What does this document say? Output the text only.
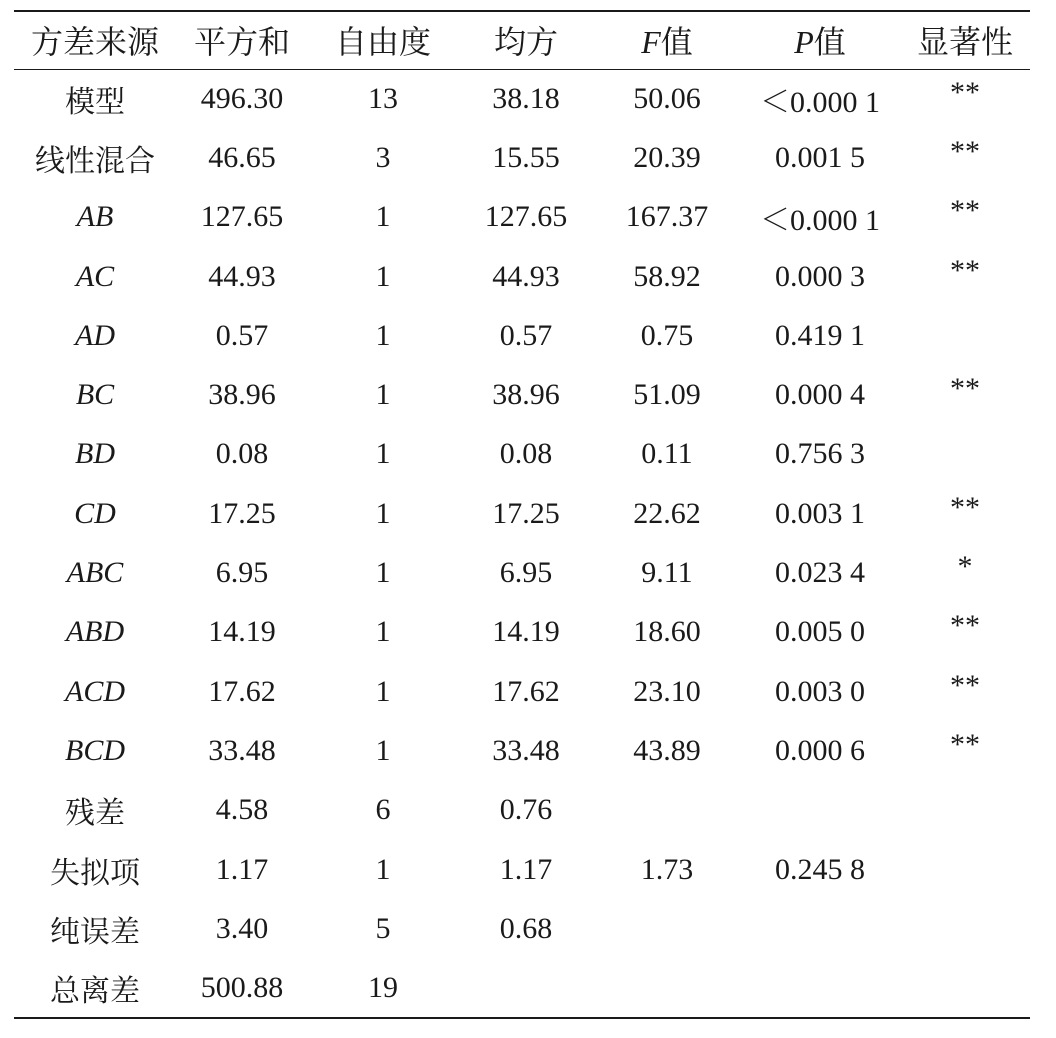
方差来源	平方和	自由度	均方	F值	P值	显著性
模型	496.30	13	38.18	50.06	＜0.000 1	**
线性混合	46.65	3	15.55	20.39	0.001 5	**
AB	127.65	1	127.65	167.37	＜0.000 1	**
AC	44.93	1	44.93	58.92	0.000 3	**
AD	0.57	1	0.57	0.75	0.419 1	
BC	38.96	1	38.96	51.09	0.000 4	**
BD	0.08	1	0.08	0.11	0.756 3	
CD	17.25	1	17.25	22.62	0.003 1	**
ABC	6.95	1	6.95	9.11	0.023 4	*
ABD	14.19	1	14.19	18.60	0.005 0	**
ACD	17.62	1	17.62	23.10	0.003 0	**
BCD	33.48	1	33.48	43.89	0.000 6	**
残差	4.58	6	0.76			
失拟项	1.17	1	1.17	1.73	0.245 8	
纯误差	3.40	5	0.68			
总离差	500.88	19				
